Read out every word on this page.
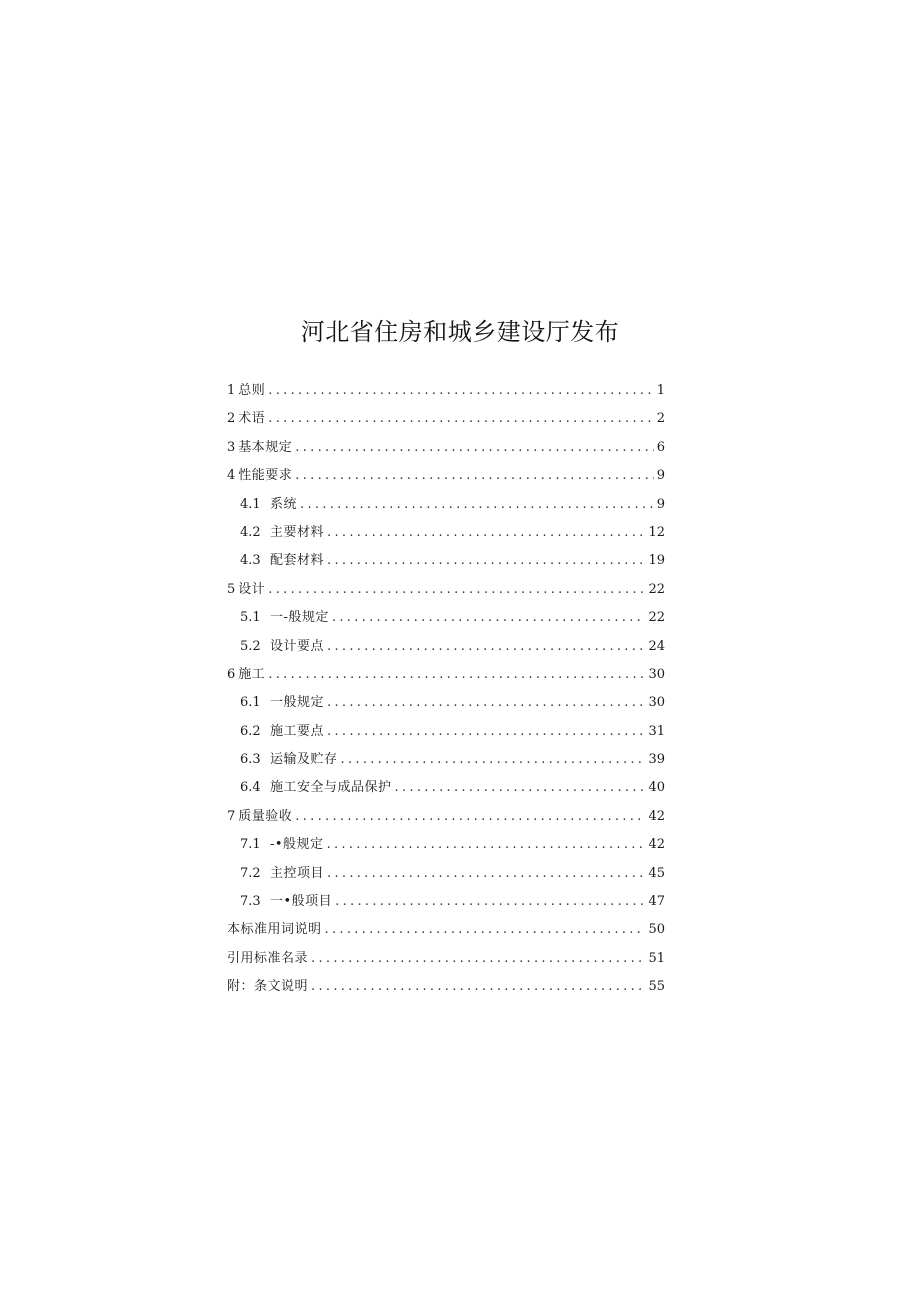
河北省住房和城乡建设厅发布
1 总则 .....	1
2 术语 .....	2
3 基本规定 .....	6
4 性能要求 .....	9
4.1 系统 .....	9
4.2 主要材料 .....	12
4.3 配套材料 .....	19
5 设计 .....	22
5.1 一-般规定 .....	22
5.2 设计要点 .....	24
6 施工 .....	30
6.1 一般规定 .....	30
6.2 施工要点 .....	31
6.3 运输及贮存 .....	39
6.4 施工安全与成品保护 .....	40
7 质量验收 .....	42
7.1 -•般规定 .....	42
7.2 主控项目 .....	45
7.3 一•般项目 .....	47
本标准用词说明 .....	50
引用标准名录 .....	51
附：条文说明 .....	55
